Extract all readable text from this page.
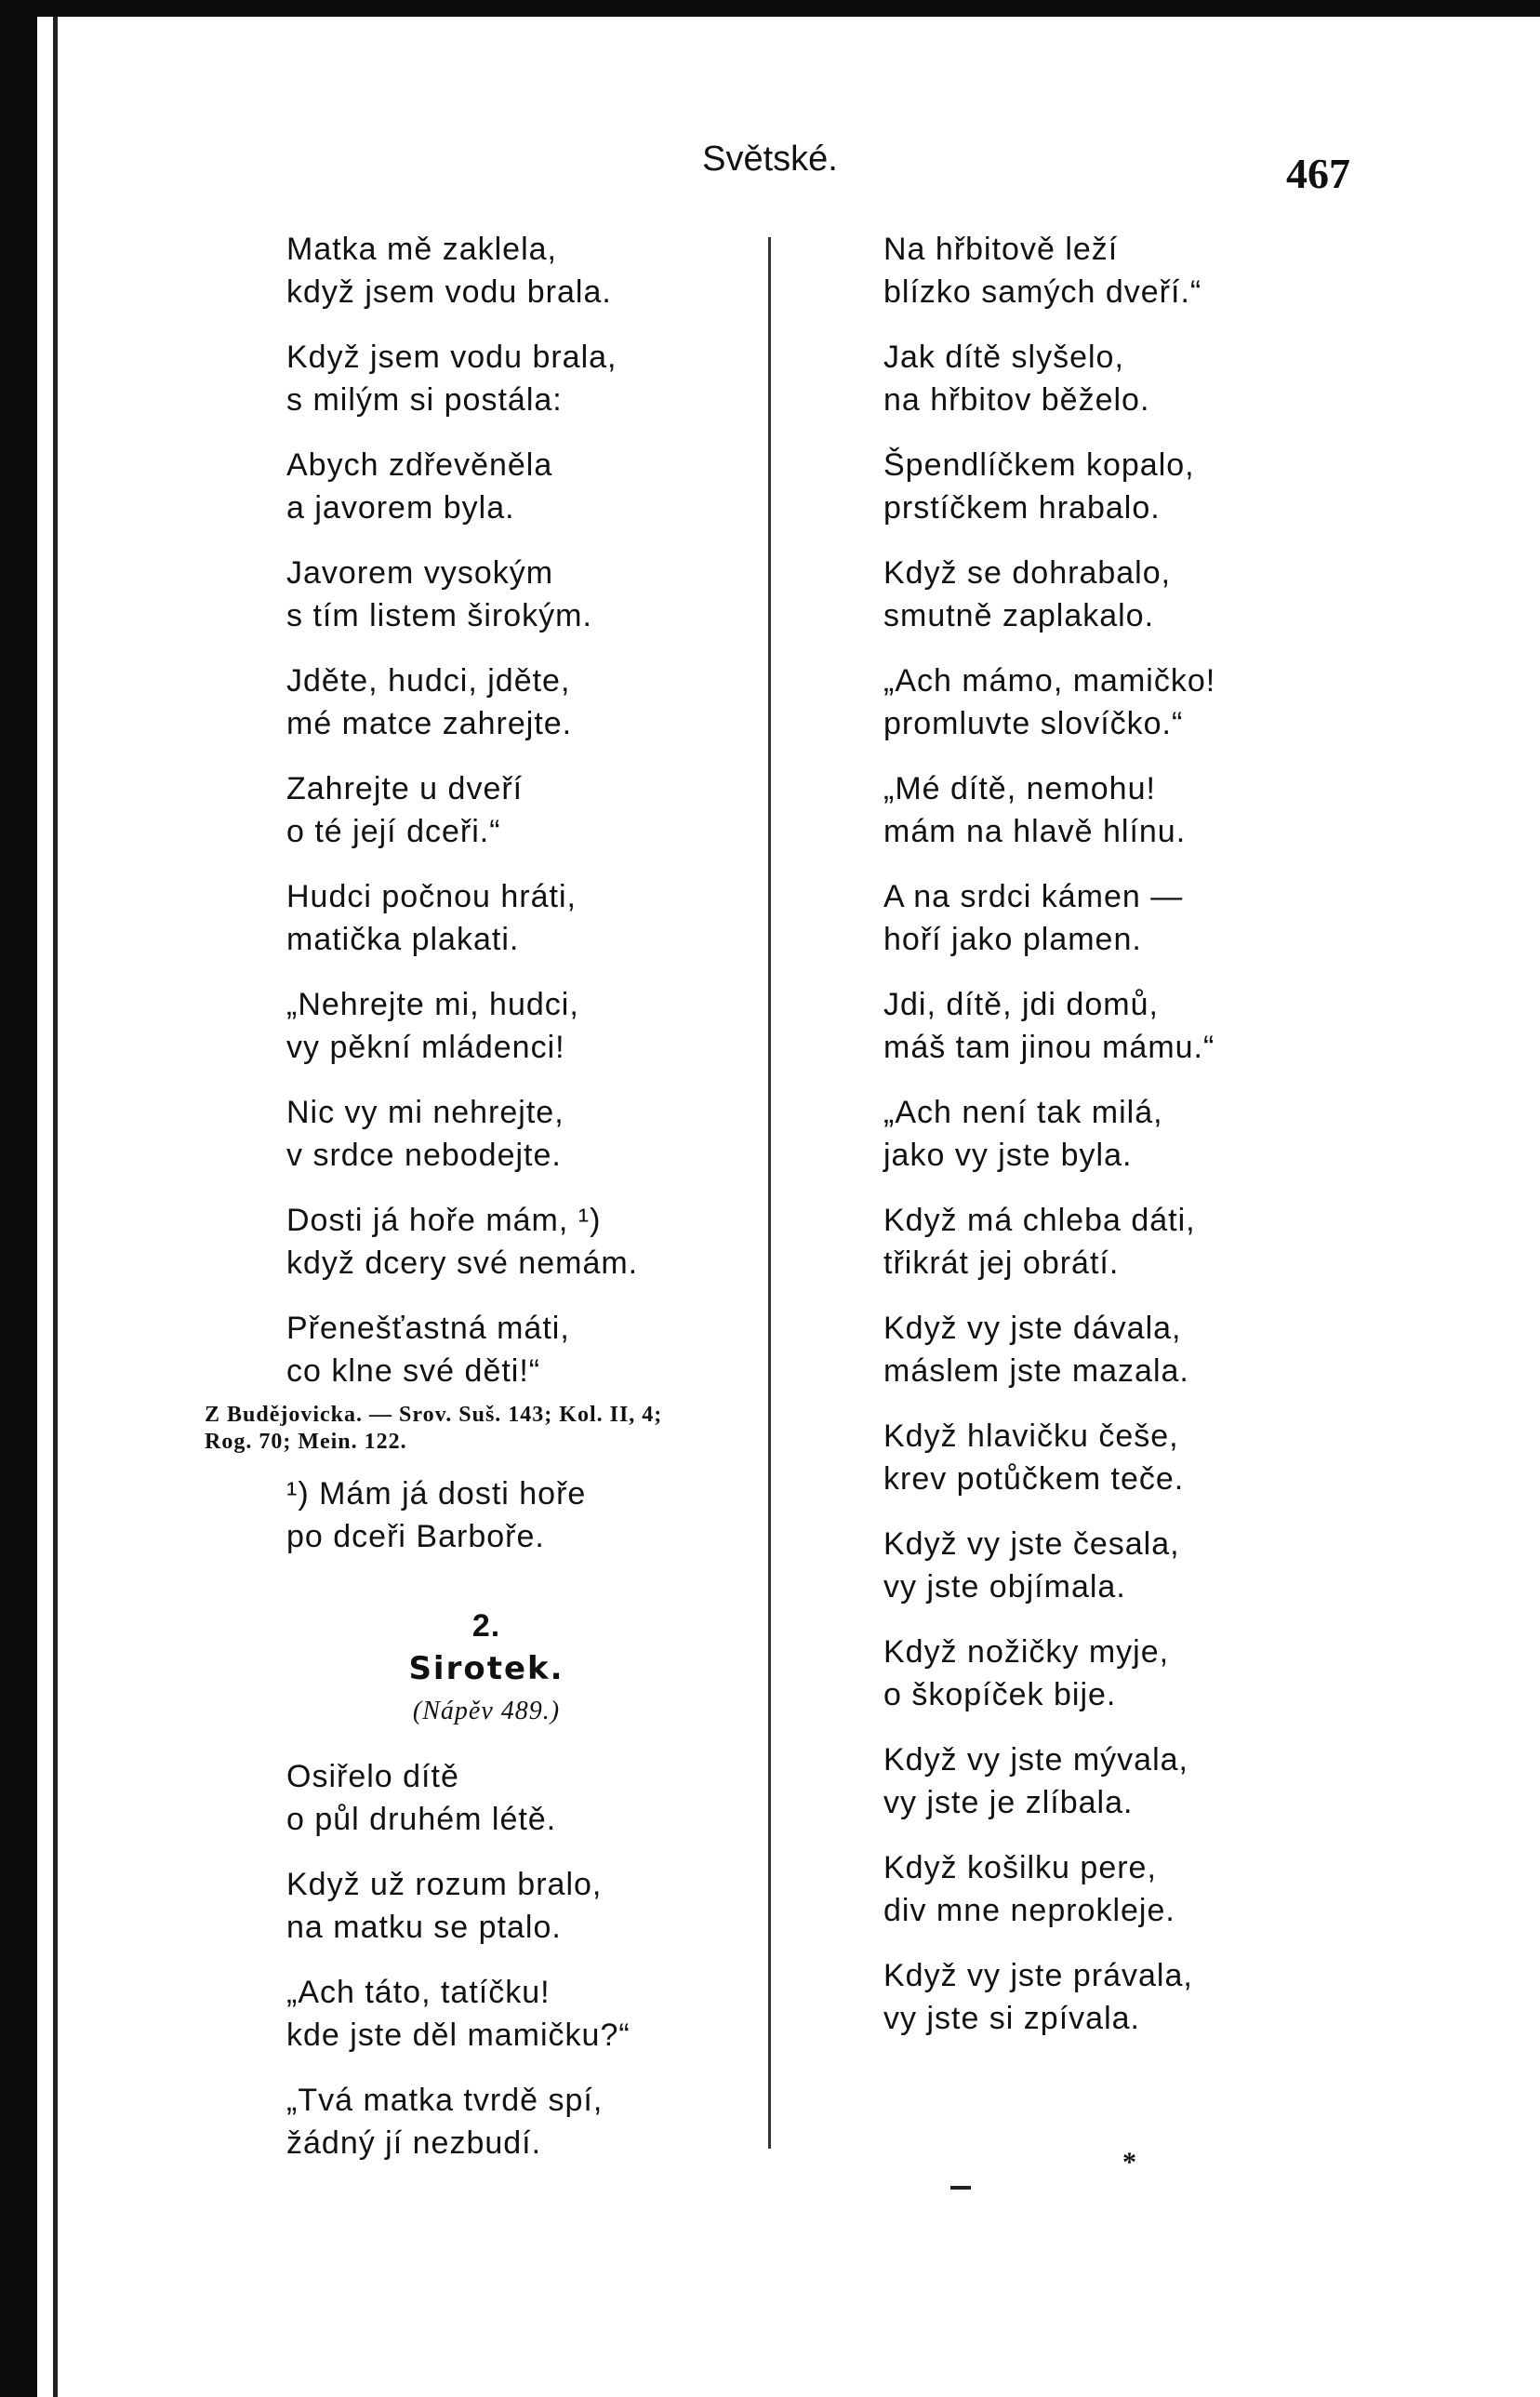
Světské.	467
Matka mě zaklela,
když jsem vodu brala.
Když jsem vodu brala,
s milým si postála:
Abych zdřevěněla
a javorem byla.
Javorem vysokým
s tím listem širokým.
Jděte, hudci, jděte,
mé matce zahrejte.
Zahrejte u dveří
o té její dceři.“
Hudci počnou hráti,
matička plakati.
„Nehrejte mi, hudci,
vy pěkní mládenci!
Nic vy mi nehrejte,
v srdce nebodejte.
Dosti já hoře mám, ¹)
když dcery své nemám.
Přenešťastná máti,
co klne své děti!“
Z Budějovicka. — Srov. Suš. 143; Kol. II, 4;
Rog. 70; Mein. 122.
¹) Mám já dosti hoře
po dceři Barboře.
2.
Sirotek.
(Nápěv 489.)
Osiřelo dítě
o půl druhém létě.
Když už rozum bralo,
na matku se ptalo.
„Ach táto, tatíčku!
kde jste děl mamičku?“
„Tvá matka tvrdě spí,
žádný jí nezbudí.
Na hřbitově leží
blízko samých dveří.“
Jak dítě slyšelo,
na hřbitov běželo.
Špendlíčkem kopalo,
prstíčkem hrabalo.
Když se dohrabalo,
smutně zaplakalo.
„Ach mámo, mamičko!
promluvte slovíčko.“
„Mé dítě, nemohu!
mám na hlavě hlínu.
A na srdci kámen —
hoří jako plamen.
Jdi, dítě, jdi domů,
máš tam jinou mámu.“
„Ach není tak milá,
jako vy jste byla.
Když má chleba dáti,
třikrát jej obrátí.
Když vy jste dávala,
máslem jste mazala.
Když hlavičku češe,
krev potůčkem teče.
Když vy jste česala,
vy jste objímala.
Když nožičky myje,
o škopíček bije.
Když vy jste mývala,
vy jste je zlíbala.
Když košilku pere,
div mne neprokleje.
Když vy jste právala,
vy jste si zpívala.
*
